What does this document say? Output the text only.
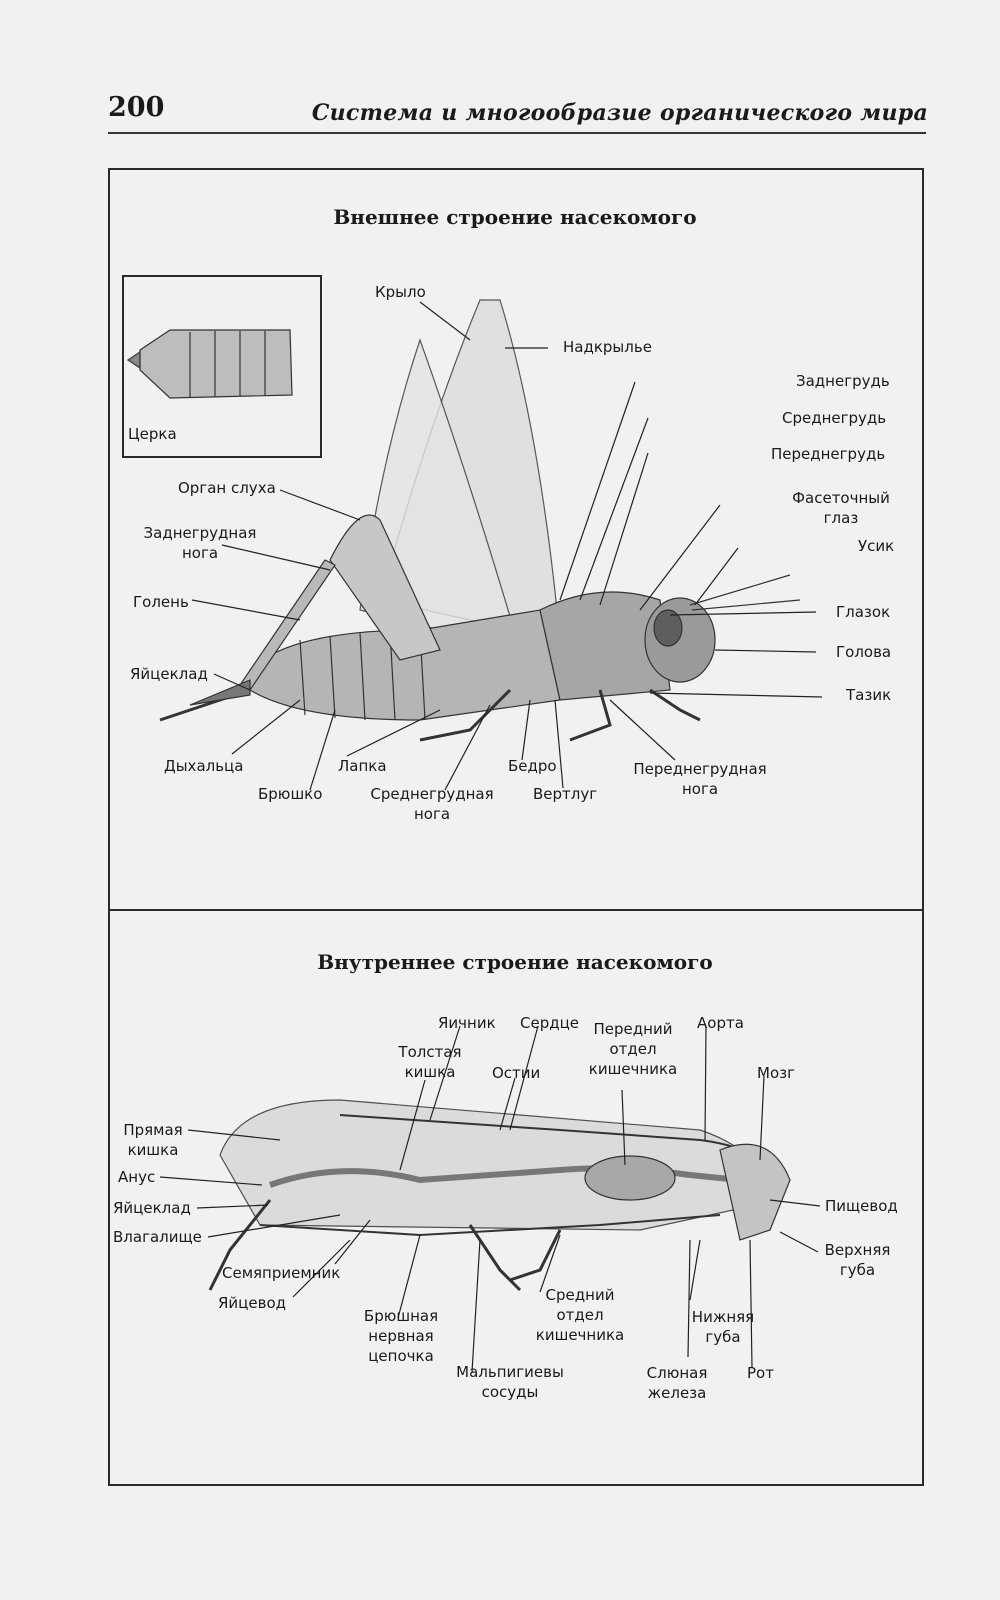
200	Система и многообразие органического мира
Внешнее строение насекомого
Внутреннее строение насекомого
Церка
Крыло
Надкрылье
Заднегрудь
Среднегрудь
Переднегрудь
Фасеточный
глаз
Усик
Глазок
Голова
Тазик
Орган слуха
Заднегрудная
нога
Голень
Яйцеклад
Дыхальца
Брюшко
Лапка
Среднегрудная
нога
Бедро
Вертлуг
Переднегрудная
нога
Яичник Сердце Передний
отдел
кишечника
Аорта
Толстая
кишка	Остии	Мозг
Прямая
кишка
Анус
Яйцеклад
Влагалище
Семяприемник
Яйцевод
Брюшная
нервная
цепочка
Мальпигиевы
сосуды
Средний
отдел
кишечника
Нижняя
губа
Слюная
железа
Рот
Пищевод
Верхняя
губа
